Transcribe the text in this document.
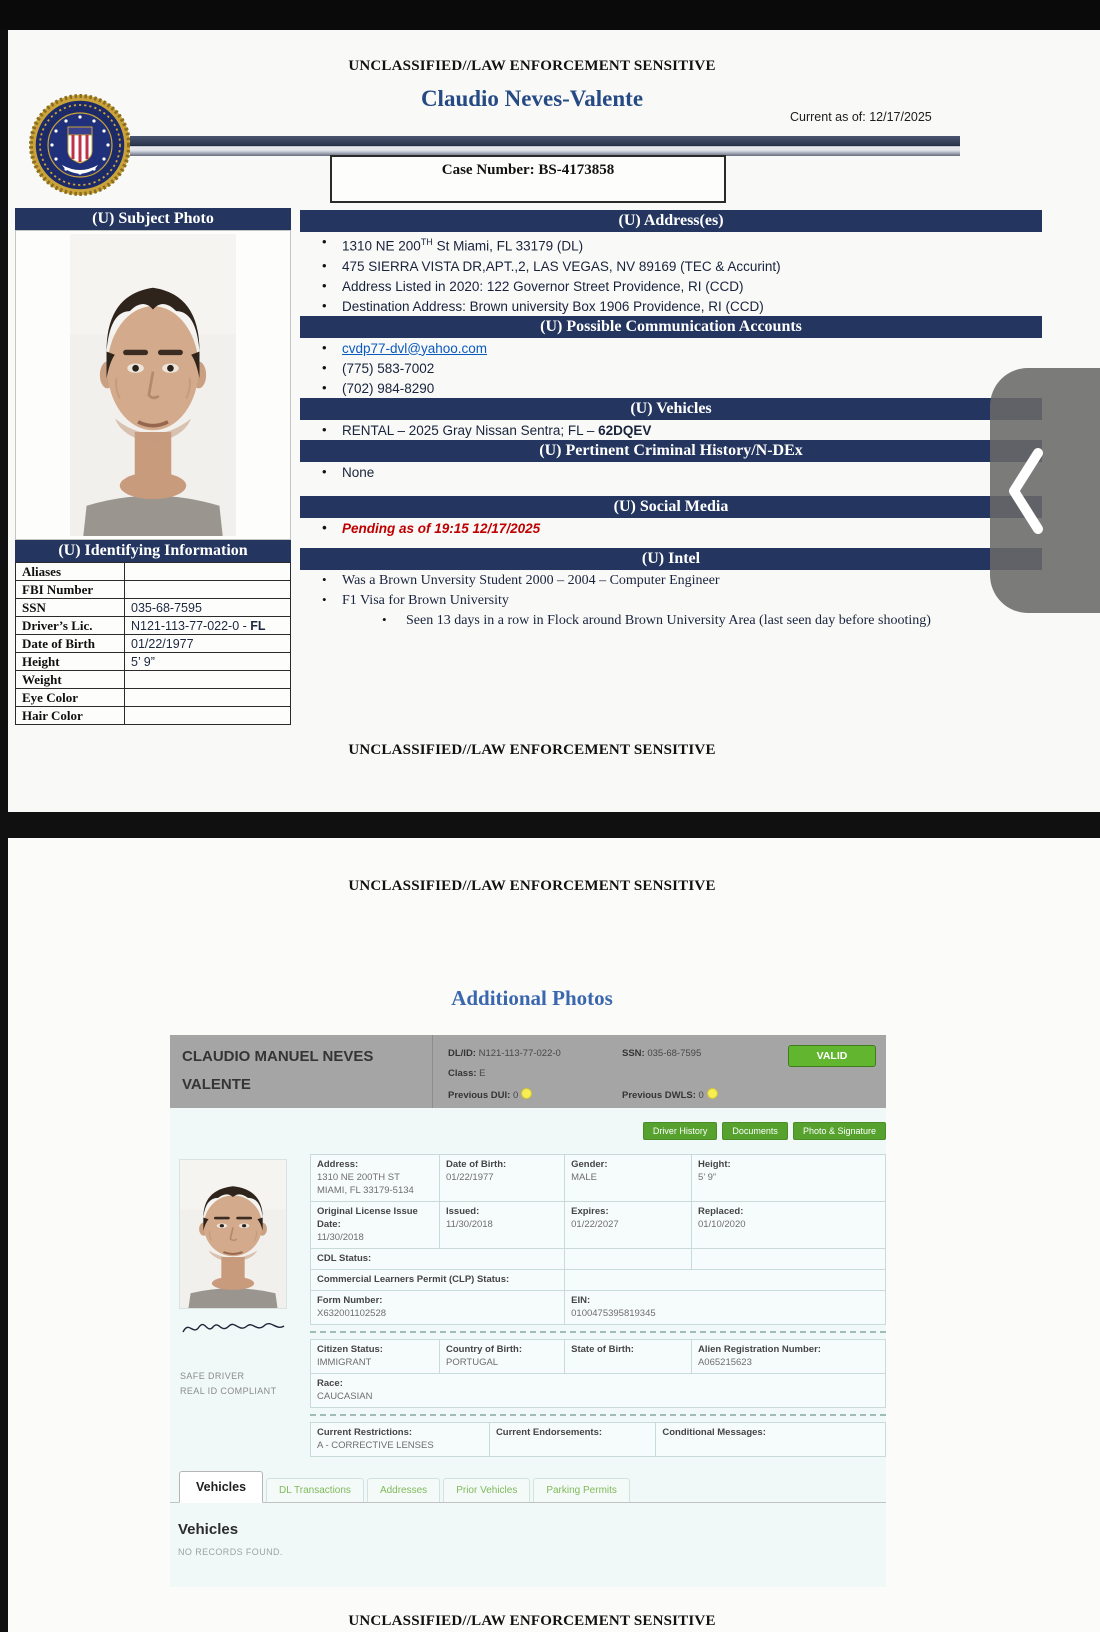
UNCLASSIFIED//LAW ENFORCEMENT SENSITIVE
Claudio Neves-Valente
Current as of: 12/17/2025
Case Number: BS-4173858
(U) Subject Photo
(U) Identifying Information
Aliases	
FBI Number	
SSN	035-68-7595
Driver’s Lic.	N121-113-77-022-0 - FL
Date of Birth	01/22/1977
Height	5’ 9”
Weight	
Eye Color	
Hair Color	
(U) Address(es)
• 1310 NE 200TH St Miami, FL 33179 (DL)
• 475 SIERRA VISTA DR,APT.,2, LAS VEGAS, NV 89169 (TEC & Accurint)
• Address Listed in 2020: 122 Governor Street Providence, RI (CCD)
• Destination Address: Brown university Box 1906 Providence, RI (CCD)
(U) Possible Communication Accounts
• cvdp77-dvl@yahoo.com
• (775) 583-7002
• (702) 984-8290
(U) Vehicles
• RENTAL – 2025 Gray Nissan Sentra; FL – 62DQEV
(U) Pertinent Criminal History/N-DEx
• None
(U) Social Media
• Pending as of 19:15 12/17/2025
(U) Intel
• Was a Brown Unversity Student 2000 – 2004 – Computer Engineer
• F1 Visa for Brown University
• Seen 13 days in a row in Flock around Brown University Area (last seen day before shooting)
UNCLASSIFIED//LAW ENFORCEMENT SENSITIVE
UNCLASSIFIED//LAW ENFORCEMENT SENSITIVE
Additional Photos
CLAUDIO MANUEL NEVES VALENTE
DL/ID: N121-113-77-022-0	SSN: 035-68-7595
Class: E
Previous DUI: 0	Previous DWLS: 0
VALID
SAFE DRIVER
REAL ID COMPLIANT
Driver History	Documents	Photo & Signature
Address:
1310 NE 200TH ST
MIAMI, FL 33179-5134
Date of Birth:
01/22/1977
Gender:
MALE
Height:
5’ 9”
Original License Issue Date:
11/30/2018
Issued:
11/30/2018
Expires:
01/22/2027
Replaced:
01/10/2020
CDL Status:
Commercial Learners Permit (CLP) Status:
Form Number:
X632001102528
EIN:
0100475395819345
Citizen Status:
IMMIGRANT
Country of Birth:
PORTUGAL
State of Birth:	Alien Registration Number:
A065215623
Race:
CAUCASIAN
Current Restrictions:
A - CORRECTIVE LENSES
Current Endorsements:	Conditional Messages:
Vehicles	DL Transactions	Addresses	Prior Vehicles	Parking Permits
Vehicles
NO RECORDS FOUND.
UNCLASSIFIED//LAW ENFORCEMENT SENSITIVE
